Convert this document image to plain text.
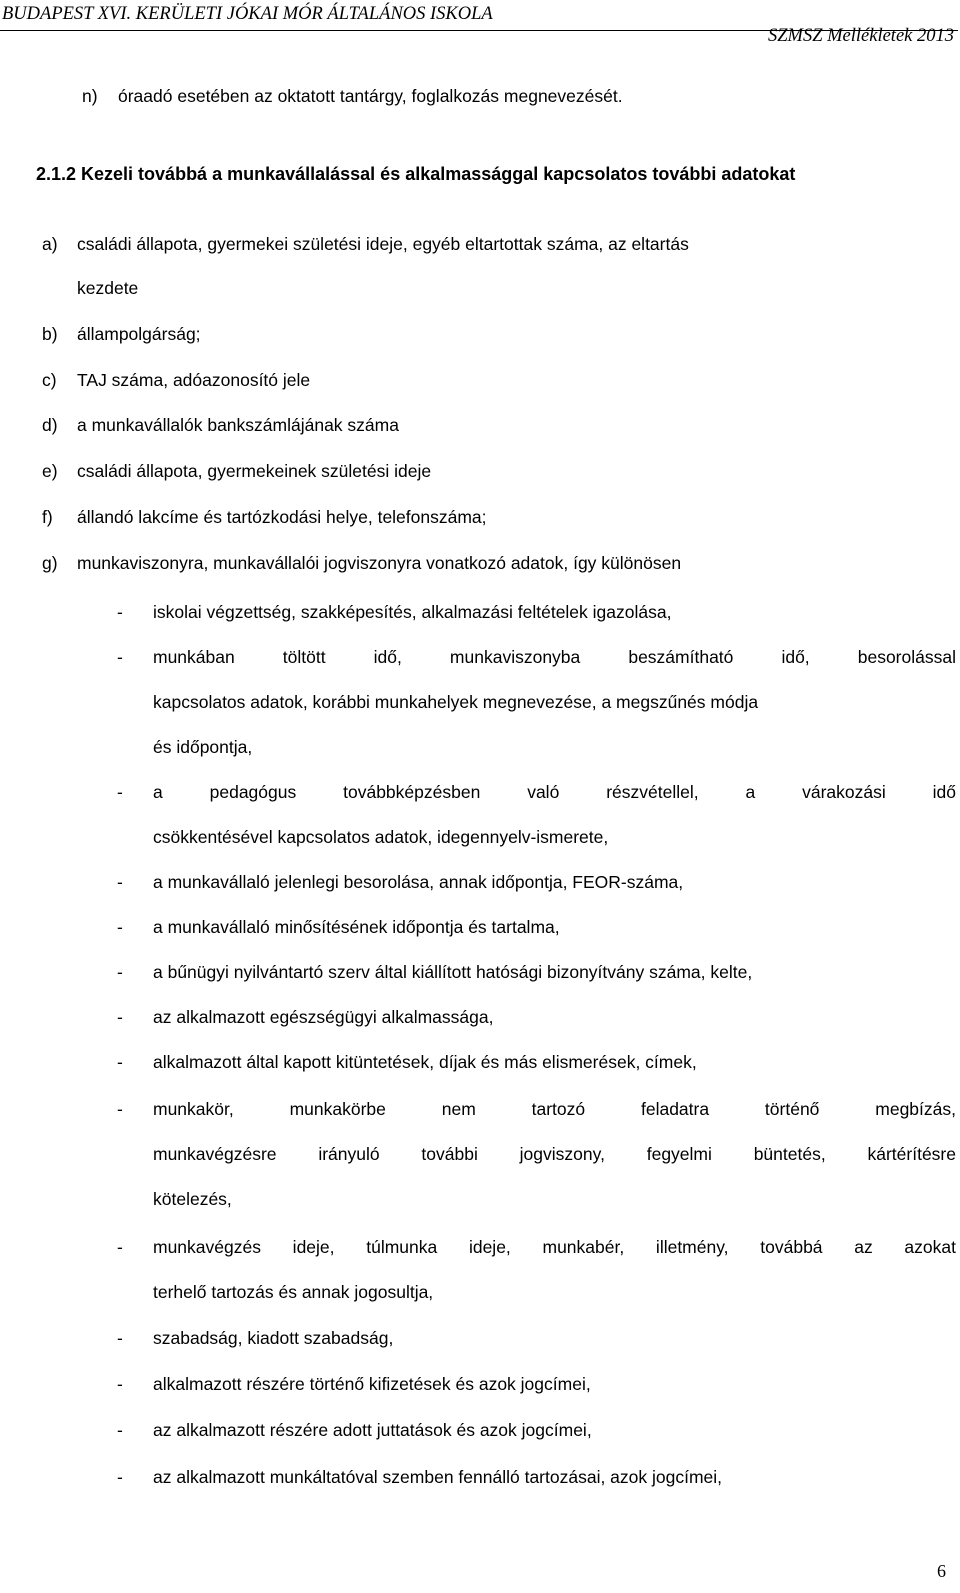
BUDAPEST XVI. KERÜLETI JÓKAI MÓR ÁLTALÁNOS ISKOLA
SZMSZ Mellékletek 2013
n) óraadó esetében az oktatott tantárgy, foglalkozás megnevezését.
2.1.2 Kezeli továbbá a munkavállalással és alkalmassággal kapcsolatos további adatokat
a) családi állapota, gyermekei születési ideje, egyéb eltartottak száma, az eltartás
kezdete
b) állampolgárság;
c) TAJ száma, adóazonosító jele
d) a munkavállalók bankszámlájának száma
e) családi állapota, gyermekeinek születési ideje
f) állandó lakcíme és tartózkodási helye, telefonszáma;
g) munkaviszonyra, munkavállalói jogviszonyra vonatkozó adatok, így különösen
- iskolai végzettség, szakképesítés, alkalmazási feltételek igazolása,
- munkában töltött idő, munkaviszonyba beszámítható idő, besorolással
kapcsolatos adatok, korábbi munkahelyek megnevezése, a megszűnés módja
és időpontja,
- a pedagógus továbbképzésben való részvétellel, a várakozási idő
csökkentésével kapcsolatos adatok, idegennyelv-ismerete,
- a munkavállaló jelenlegi besorolása, annak időpontja, FEOR-száma,
- a munkavállaló minősítésének időpontja és tartalma,
- a bűnügyi nyilvántartó szerv által kiállított hatósági bizonyítvány száma, kelte,
- az alkalmazott egészségügyi alkalmassága,
- alkalmazott által kapott kitüntetések, díjak és más elismerések, címek,
- munkakör, munkakörbe nem tartozó feladatra történő megbízás,
munkavégzésre irányuló további jogviszony, fegyelmi büntetés, kártérítésre
kötelezés,
- munkavégzés ideje, túlmunka ideje, munkabér, illetmény, továbbá az azokat
terhelő tartozás és annak jogosultja,
- szabadság, kiadott szabadság,
- alkalmazott részére történő kifizetések és azok jogcímei,
- az alkalmazott részére adott juttatások és azok jogcímei,
- az alkalmazott munkáltatóval szemben fennálló tartozásai, azok jogcímei,
6
